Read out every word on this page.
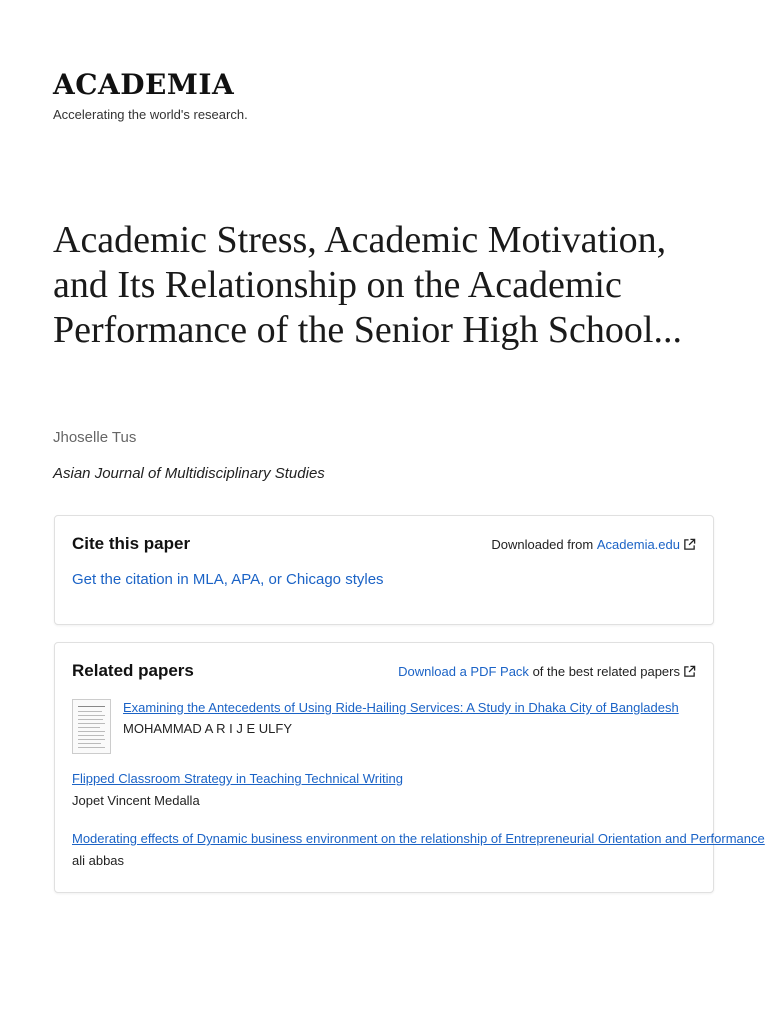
ACADEMIA
Accelerating the world's research.
Academic Stress, Academic Motivation, and Its Relationship on the Academic Performance of the Senior High School...
Jhoselle Tus
Asian Journal of Multidisciplinary Studies
Cite this paper	Downloaded from
Academia.edu
Get the citation in MLA, APA, or Chicago styles
Related papers	Download a PDF Pack
of the best related papers
Examining the Antecedents of Using Ride-Hailing Services: A Study in Dhaka City of Bangladesh
MOHAMMAD A R I J E ULFY
Flipped Classroom Strategy in Teaching Technical Writing
Jopet Vincent Medalla
Moderating effects of Dynamic business environment on the relationship of Entrepreneurial Orientation and Performance
ali abbas
